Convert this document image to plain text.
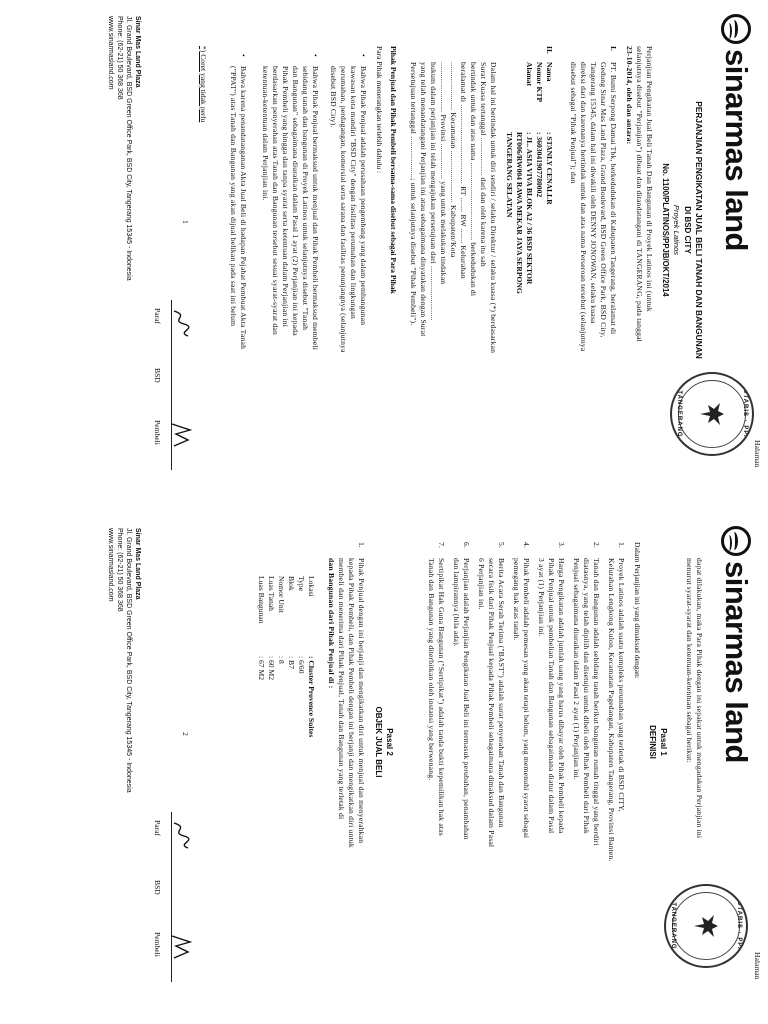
Halaman
sinarmas land
NOTARIS · PPAT
TANGERANG
PERJANJIAN PENGIKATAN JUAL BELI TANAH DAN BANGUNAN
DI BSD CITY
Proyek Latinos
No. 1100/PLATINOS/PPJB/OKT/2014
Perjanjian Pengikatan Jual Beli Tanah Dan Bangunan di Proyek Latinos ini (untuk
selanjutnya disebut "Perjanjian") dibuat dan ditandatangani di TANGERANG, pada tanggal
23-10-2014, oleh dan antara:
I.
PT. Bumi Serpong Damai Tbk, berkedudukan di Kabupaten Tangerang, beralamat di
Gedung Sinar Mas Land Plaza, Grand Boulevard, BSD Green Office Park, BSD City,
Tangerang 15345, dalam hal ini diwakili oleh DENNY JONOWAN, selaku kuasa
direksi dari dan karenanya bertindak untuk dan atas nama Perseroan tersebut (selanjutnya
disebut sebagai "Pihak Penjual"); dan
II.
Nama
: STANLY CENALLR
Nomor KTP
: 3603041907780002
Alamat
: JL. ASIA VIVA BLOK A2 / 36 BSD SEKTOR
RT006/RW004 RAWA MEKAR JAYA SERPONG
TANGERANG SELATAN
Dalam hal ini bertindak untuk diri sendiri / selaku Direktur / selaku kuasa (*) berdasarkan
Surat Kuasa tertanggal .................. dari dan oleh karena itu sah
bertindak untuk dan atas nama ..................................... berkedudukan di
beralamat di ...................................... RT ....... RW ....... Kelurahan
....................... Kecamatan ......................... Kabupaten/Kota
........................ Provinsi ................. yang untuk melakukan tindakan
hukum dalam perjanjian ini telah mengajukan persetujuan dari ..........................
yang telah menandatangani Perjanjian ini atau sebagaimana dinyatakan dengan Surat
Persetujuan tertanggal ....................; untuk selanjutnya disebut "Pihak Pembeli").
Pihak Penjual dan Pihak Pembeli bersama-sama disebut sebagai Para Pihak
Para Pihak menerangkan terlebih dahulu :
•
Bahwa Pihak Penjual adalah perusahaan pengembang yang dalam pembangunan
kawasan kota mandiri "BSD City" dengan fasilitas perumahan dan lingkungan
perumahan, perdagangan, komersial serta sarana dan fasilitas penunjangnya (selanjutnya
disebut BSD City).
•
Bahwa Pihak Penjual bermaksud untuk menjual dan Pihak Pembeli bermaksud membeli
sebidang tanah dan bangunan di Proyek Latinos untuk selanjutnya disebut "Tanah
dan Bangunan" sebagaimana diuraikan dalam Pasal 1 ayat (2) Perjanjian ini kepada
Pihak Pembeli yang hingga dan tanpa syarat serta ketentuan dalam Perjanjian ini
berdasarkan penyerahan atas Tanah dan Bangunan tersebut sesuai syarat-syarat dan
ketentuan-ketentuan dalam Perjanjian ini.
•
Bahwa karena penandatanganan Akta Jual Beli di hadapan Pejabat Pembuat Akta Tanah
("PPAT") atas Tanah dan Bangunan yang akan dijual belikan pada saat ini belum
*) Coret yang tidak perlu
1
Paraf
BSD
Pembeli
Sinar Mas Land Plaza
Jl. Grand Boulevard, BSD Green Office Park, BSD City, Tangerang 15345 - Indonesia
Phone: (62-21) 50 368 368
www.sinarmasland.com
Halaman
sinarmas land
NOTARIS · PPAT
TANGERANG
dapat dilakukan, maka Para Pihak dengan ini sepakat untuk mengadakan Perjanjian ini
menurut syarat-syarat dan ketentuan-ketentuan sebagai berikut:
Pasal 1
DEFINISI
Dalam Perjanjian ini yang dimaksud dengan:
1.
Proyek Latinos adalah suatu kompleks perumahan yang terletak di BSD CITY,
Kelurahan Lengkong Kulon, Kecamatan Pagedangan, Kabupaten Tangerang, Provinsi Banten.
2.
Tanah dan Bangunan adalah sebidang tanah berikut bangunan rumah tinggal yang berdiri
diatasnya, yang telah dipilih dan disetujui untuk dibeli oleh Pihak Pembeli dari Pihak
Penjual sebagaimana diuraikan dalam Pasal 2 ayat (1) Perjanjian ini.
3.
Harga Pengikatan adalah jumlah uang yang harus dibayar oleh Pihak Pembeli kepada
Pihak Penjual untuk pembelian Tanah dan Bangunan sebagaimana diatur dalam Pasal
3 ayat (1) Perjanjian ini.
4.
Pihak Pembeli adalah pemesan yang akan tetapi belum, yang memenuhi syarat sebagai
pemegang hak atas tanah.
5.
Berita Acara Serah Terima ("BAST") adalah surat penyerahan Tanah dan Bangunan
secara fisik dari Pihak Penjual kepada Pihak Pembeli sebagaimana dimaksud dalam Pasal
6 Perjanjian ini.
6.
Perjanjian adalah Perjanjian Pengikatan Jual Beli ini termasuk perubahan, penambahan
dan lampirannya (bila ada).
7.
Sertipikat Hak Guna Bangunan ("Sertipikat") adalah tanda bukti kepemilikan hak atas
Tanah dan Bangunan yang diterbitkan oleh instansi yang berwenang.
Pasal 2
OBJEK JUAL BELI
1.
Pihak Penjual dengan ini berjanji dan mengikatkan diri untuk menjual dan menyerahkan
kepada Pihak Pembeli, dan Pihak Pembeli dengan ini berjanji dan mengikatkan diri untuk
membeli dan menerima dari Pihak Penjual, Tanah dan Bangunan yang terletak di
dan Bangunan dari Pihak Penjual di :
Lokasi
: Cluster Provence Suites
Type
: 6/60
Blok
: B7
Nomor Unit
: 8
Luas Tanah
: 60 M2
Luas Bangunan
: 67 M2
2
Paraf
BSD
Pembeli
Sinar Mas Land Plaza
Jl. Grand Boulevard, BSD Green Office Park, BSD City, Tangerang 15345 - Indonesia
Phone: (62-21) 50 368 368
www.sinarmasland.com
